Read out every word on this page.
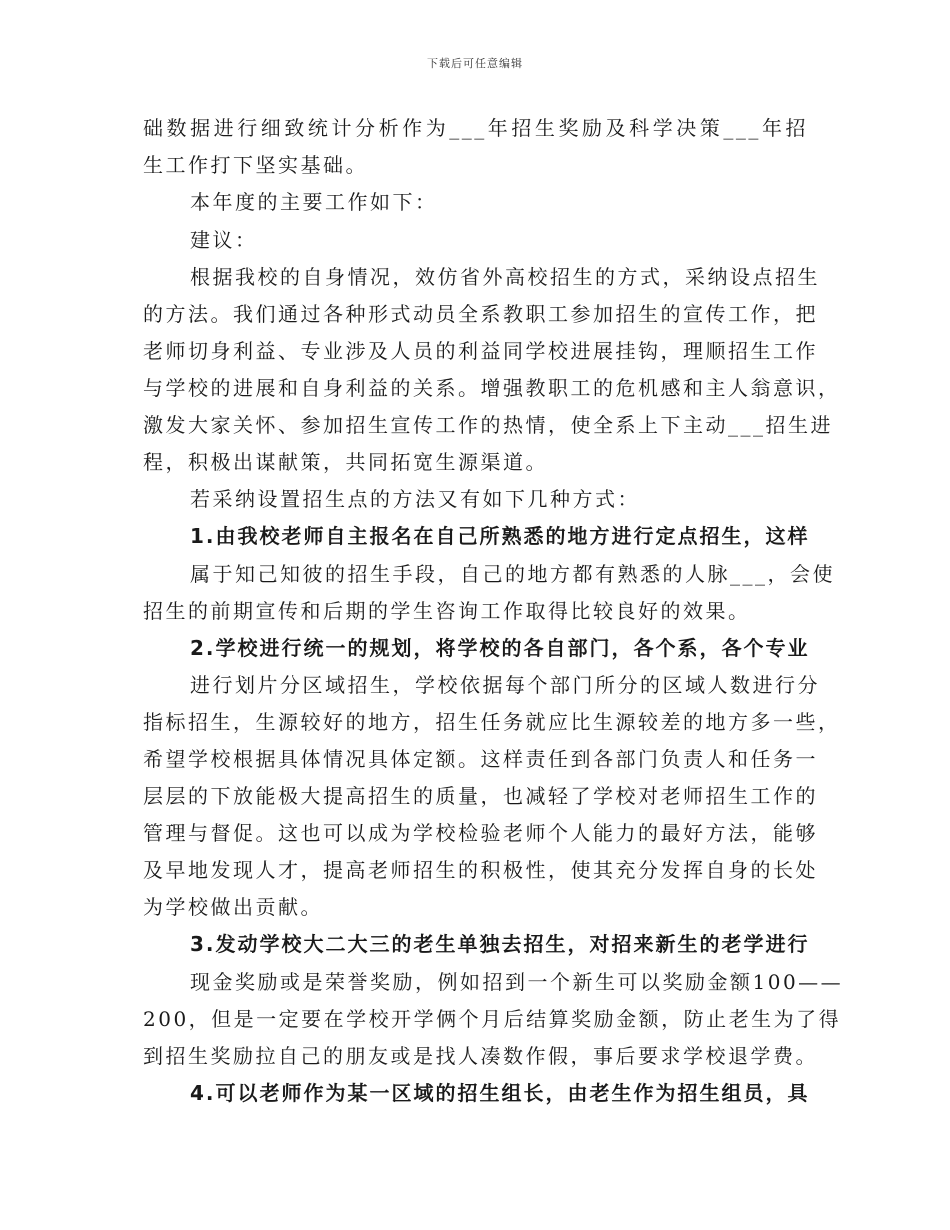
下载后可任意编辑
础数据进行细致统计分析作为___年招生奖励及科学决策___年招
生工作打下坚实基础。
本年度的主要工作如下：
建议：
根据我校的自身情况，效仿省外高校招生的方式，采纳设点招生
的方法。我们通过各种形式动员全系教职工参加招生的宣传工作，把
老师切身利益、专业涉及人员的利益同学校进展挂钩，理顺招生工作
与学校的进展和自身利益的关系。增强教职工的危机感和主人翁意识，
激发大家关怀、参加招生宣传工作的热情，使全系上下主动___招生进
程，积极出谋献策，共同拓宽生源渠道。
若采纳设置招生点的方法又有如下几种方式：
1.由我校老师自主报名在自己所熟悉的地方进行定点招生，这样
属于知己知彼的招生手段，自己的地方都有熟悉的人脉___，会使
招生的前期宣传和后期的学生咨询工作取得比较良好的效果。
2.学校进行统一的规划，将学校的各自部门，各个系，各个专业
进行划片分区域招生，学校依据每个部门所分的区域人数进行分
指标招生，生源较好的地方，招生任务就应比生源较差的地方多一些，
希望学校根据具体情况具体定额。这样责任到各部门负责人和任务一
层层的下放能极大提高招生的质量，也减轻了学校对老师招生工作的
管理与督促。这也可以成为学校检验老师个人能力的最好方法，能够
及早地发现人才，提高老师招生的积极性，使其充分发挥自身的长处
为学校做出贡献。
3.发动学校大二大三的老生单独去招生，对招来新生的老学进行
现金奖励或是荣誉奖励，例如招到一个新生可以奖励金额100——
200，但是一定要在学校开学俩个月后结算奖励金额，防止老生为了得
到招生奖励拉自己的朋友或是找人凑数作假，事后要求学校退学费。
4.可以老师作为某一区域的招生组长，由老生作为招生组员，具
